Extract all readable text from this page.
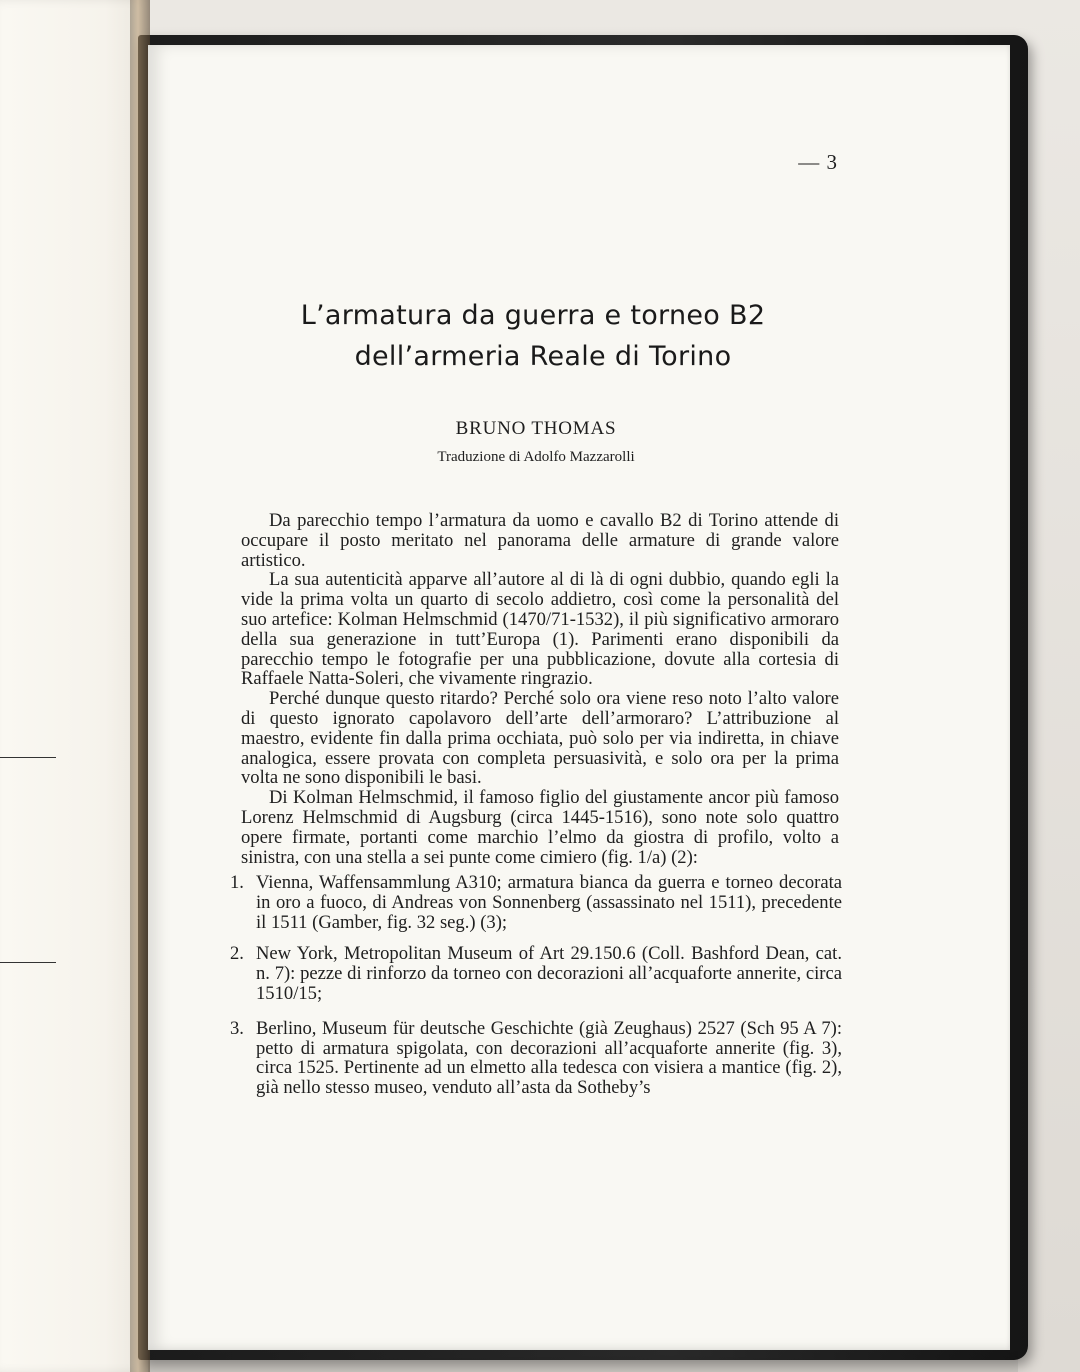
— 3
L’armatura da guerra e torneo B2
dell’armeria Reale di Torino
BRUNO THOMAS
Traduzione di Adolfo Mazzarolli

Da parecchio tempo l’armatura da uomo e cavallo B2 di Torino attende di occupare il posto meritato nel panorama delle armature di grande valore artistico.

La sua autenticità apparve all’autore al di là di ogni dubbio, quando egli la vide la prima volta un quarto di secolo addietro, così come la personalità del suo artefice: Kolman Helmschmid (1470/71-1532), il più significativo armoraro della sua generazione in tutt’Europa (1). Parimenti erano disponibili da parecchio tempo le fotografie per una pubblicazione, dovute alla cortesia di Raffaele Natta-Soleri, che vivamente ringrazio.

Perché dunque questo ritardo? Perché solo ora viene reso noto l’alto valore di questo ignorato capolavoro dell’arte dell’armoraro? L’attribuzione al maestro, evidente fin dalla prima occhiata, può solo per via indiretta, in chiave analogica, essere provata con completa persuasività, e solo ora per la prima volta ne sono disponibili le basi.

Di Kolman Helmschmid, il famoso figlio del giustamente ancor più famoso Lorenz Helmschmid di Augsburg (circa 1445-1516), sono note solo quattro opere firmate, portanti come marchio l’elmo da giostra di profilo, volto a sinistra, con una stella a sei punte come cimiero (fig. 1/a) (2):

1. Vienna, Waffensammlung A310; armatura bianca da guerra e torneo decorata in oro a fuoco, di Andreas von Sonnenberg (assassinato nel 1511), precedente il 1511 (Gamber, fig. 32 seg.) (3);
2. New York, Metropolitan Museum of Art 29.150.6 (Coll. Bashford Dean, cat. n. 7): pezze di rinforzo da torneo con decorazioni all’acquaforte annerite, circa 1510/15;
3. Berlino, Museum für deutsche Geschichte (già Zeughaus) 2527 (Sch 95 A 7): petto di armatura spigolata, con decorazioni all’acquaforte annerite (fig. 3), circa 1525. Pertinente ad un elmetto alla tedesca con visiera a mantice (fig. 2), già nello stesso museo, venduto all’asta da Sotheby’s
